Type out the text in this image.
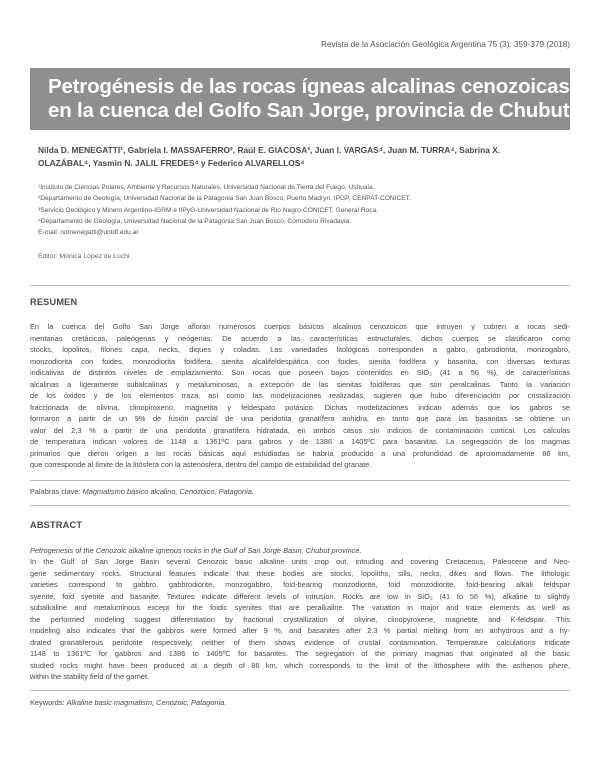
Revista de la Asociación Geológica Argentina 75 (3): 359-379 (2018)
Petrogénesis de las rocas ígneas alcalinas cenozoicas
en la cuenca del Golfo San Jorge, provincia de Chubut
Nilda D. MENEGATTI¹, Gabriela I. MASSAFERRO², Raúl E. GIACOSA³, Juan I. VARGAS⁴, Juan M. TURRA⁴, Sabrina X.
OLAZÁBAL⁴, Yasmin N. JALIL FREDES⁴ y Federico ALVARELLOS⁴
¹Instituto de Ciencias Polares, Ambiente y Recursos Naturales, Universidad Nacional de Tierra del Fuego, Ushuaia.
²Departamento de Geología, Universidad Nacional de la Patagonia San Juan Bosco, Puerto Madryn. IPGP, CENPAT-CONICET.
³Servicio Geológico y Minero Argentino-IGRM e IIPyG-Universidad Nacional de Río Negro-CONICET, General Roca.
⁴Departamento de Geología, Universidad Nacional de la Patagonia San Juan Bosco, Comodoro Rivadavia.
E-mail: ndmenegatti@untdf.edu.ar
Editor: Mónica López de Luchi
RESUMEN
En la cuenca del Golfo San Jorge afloran numerosos cuerpos básicos alcalinos cenozoicos que intruyen y cubren a rocas sedi-
mentarias cretácicas, paleógenas y neógenas. De acuerdo a las características estructurales, dichos cuerpos se clasificaron como
stocks, lopolitos, filones capa, necks, diques y coladas. Las variedades litológicas corresponden a gabro, gabrodiorita, monzogabro,
monzodiorita con foides, monzodiorita foidífera, sienita alcalifeldespática con foides, sienita foidífera y basanita, con diversas texturas
indicativas de distintos niveles de emplazamiento. Son rocas que poseen bajos contenidos en SiO₂ (41 a 56 %), de características
alcalinas a ligeramente subalcalinas y metaluminosas, a excepción de las sienitas foidíferas que son peralcalinas. Tanto la variación
de los óxidos y de los elementos traza, así como las modelizaciones realizadas, sugieren que hubo diferenciación por cristalización
fraccionada de olivina, clinopiroxeno, magnetita y feldespato potásico. Dichas modelizaciones indican además que los gabros se
formaron a partir de un 9% de fusión parcial de una peridotita granatífera anhidra, en tanto que para las basanitas se obtiene un
valor del 2,3 % a partir de una peridotita granatífera hidratada, en ambos casos sin indicios de contaminación cortical. Los cálculos
de temperatura indican valores de 1148 a 1361ºC para gabros y de 1386 a 1405ºC para basanitas. La segregación de los magmas
primarios que dieron origen a las rocas básicas aquí estudiadas se habría producido a una profundidad de aproximadamente 86 km,
que corresponde al límite de la litósfera con la astenósfera, dentro del campo de estabilidad del granate.
Palabras clave: Magmatismo básico alcalino, Cenozoico, Patagonia.
ABSTRACT
Petrogenesis of the Cenozoic alkaline igneous rocks in the Gulf of San Jorge Basin, Chubut province.
In the Gulf of San Jorge Basin several Cenozoic basic alkaline units crop out, intruding and covering Cretaceous, Paleocene and Neo-
gene sedimentary rocks. Structural features indicate that these bodies are stocks, lopoliths, sills, necks, dikes and flows. The lithologic
varieties correspond to gabbro, gabbrodiorite, monzogabbro, foid-bearing monzodiorite, foid monzodiorite, foid-bearing alkali feldspar
syenite, foid syenite and basanite. Textures indicate different levels of intrusion. Rocks are low in SiO₂ (41 to 56 %), alkaline to slightly
subalkaline and metaluminous except for the foidic syenites that are peralkaline. The variation in major and trace elements as well as
the performed modeling suggest differentiation by fractional crystallization of olivine, clinopyroxene, magnetite and K-feldspar. This
modeling also indicates that the gabbros were formed after 9 %, and basanites after 2.3 % partial melting from an anhydrous and a hy-
drated granatiferous peridotite respectively; neither of them shows evidence of crustal contamination. Temperature calculations indicate
1148 to 1361ºC for gabbros and 1386 to 1405ºC for basanites. The segregation of the primary magmas that originated all the basic
studied rocks might have been produced at a depth of 86 km, which corresponds to the limit of the lithosphere with the asthenos phere,
within the stability field of the garnet.
Keywords: Alkaline basic magmatism, Cenozoic, Patagonia.
